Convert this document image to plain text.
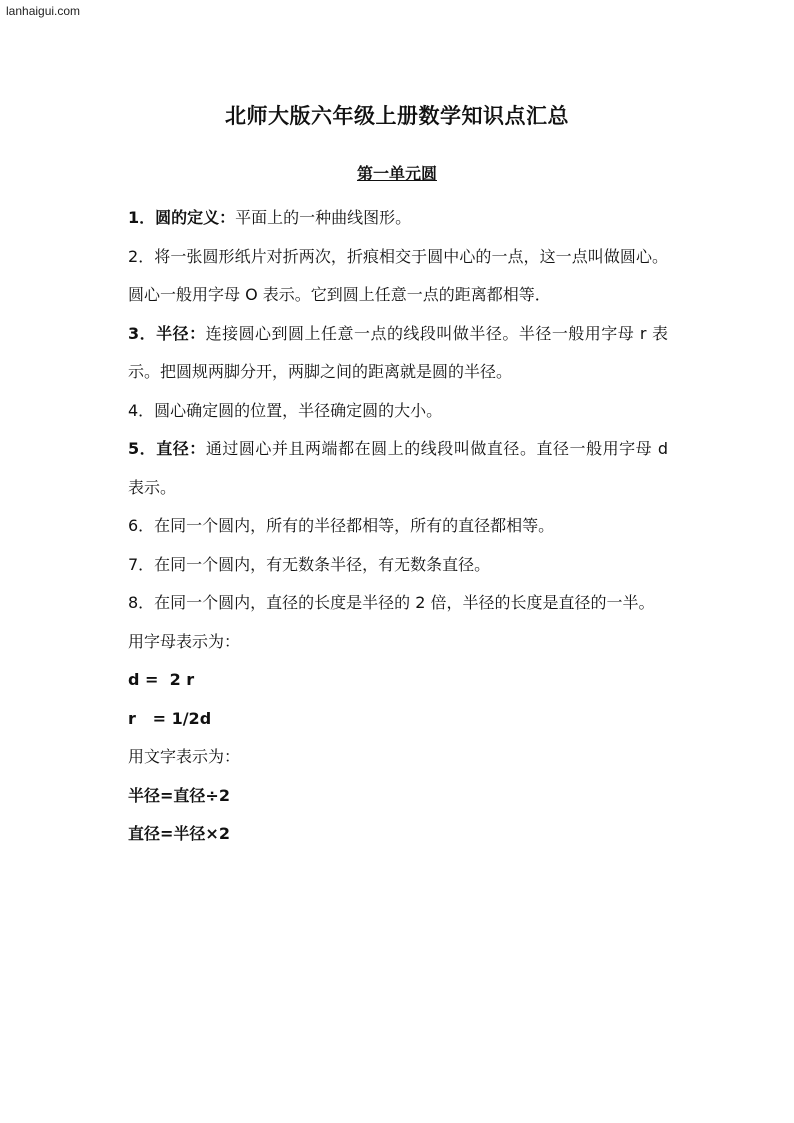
lanhaigui.com
北师大版六年级上册数学知识点汇总
第一单元圆

1．圆的定义：平面上的一种曲线图形。

2．将一张圆形纸片对折两次，折痕相交于圆中心的一点，这一点叫做圆心。圆心一般用字母 O 表示。它到圆上任意一点的距离都相等．

3．半径：连接圆心到圆上任意一点的线段叫做半径。半径一般用字母 r 表示。把圆规两脚分开，两脚之间的距离就是圆的半径。

4．圆心确定圆的位置，半径确定圆的大小。

5．直径：通过圆心并且两端都在圆上的线段叫做直径。直径一般用字母 d 表示。

6．在同一个圆内，所有的半径都相等，所有的直径都相等。

7．在同一个圆内，有无数条半径，有无数条直径。

8．在同一个圆内，直径的长度是半径的 2 倍，半径的长度是直径的一半。

用字母表示为：

d =  2 r

r   = 1/2d

用文字表示为：

半径=直径÷2

直径=半径×2
